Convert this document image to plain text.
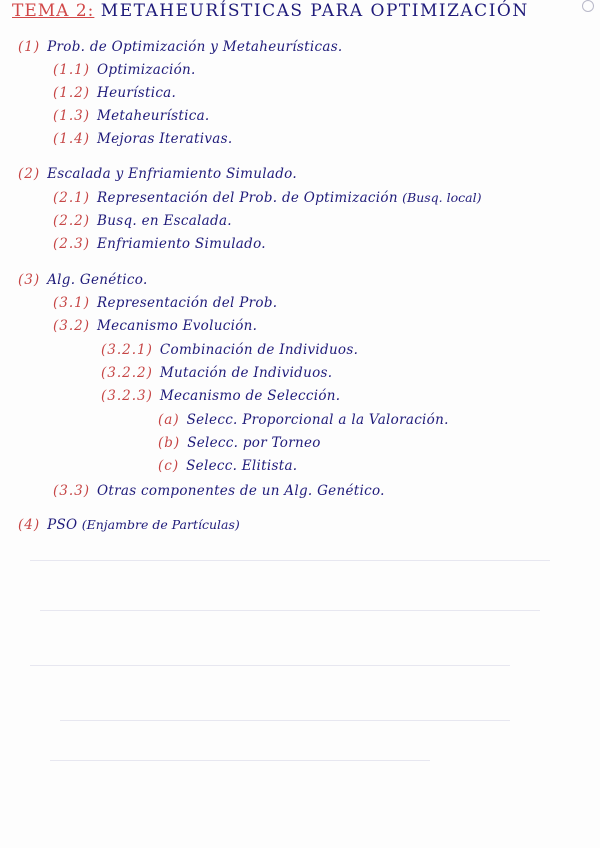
TEMA 2: METAHEURÍSTICAS PARA OPTIMIZACIÓN
(1) Prob. de Optimización y Metaheurísticas.
(1.1) Optimización.
(1.2) Heurística.
(1.3) Metaheurística.
(1.4) Mejoras Iterativas.
(2) Escalada y Enfriamiento Simulado.
(2.1) Representación del Prob. de Optimización (Busq. local)
(2.2) Busq. en Escalada.
(2.3) Enfriamiento Simulado.
(3) Alg. Genético.
(3.1) Representación del Prob.
(3.2) Mecanismo Evolución.
(3.2.1) Combinación de Individuos.
(3.2.2) Mutación de Individuos.
(3.2.3) Mecanismo de Selección.
(a) Selecc. Proporcional a la Valoración.
(b) Selecc. por Torneo
(c) Selecc. Elitista.
(3.3) Otras componentes de un Alg. Genético.
(4) PSO (Enjambre de Partículas)
